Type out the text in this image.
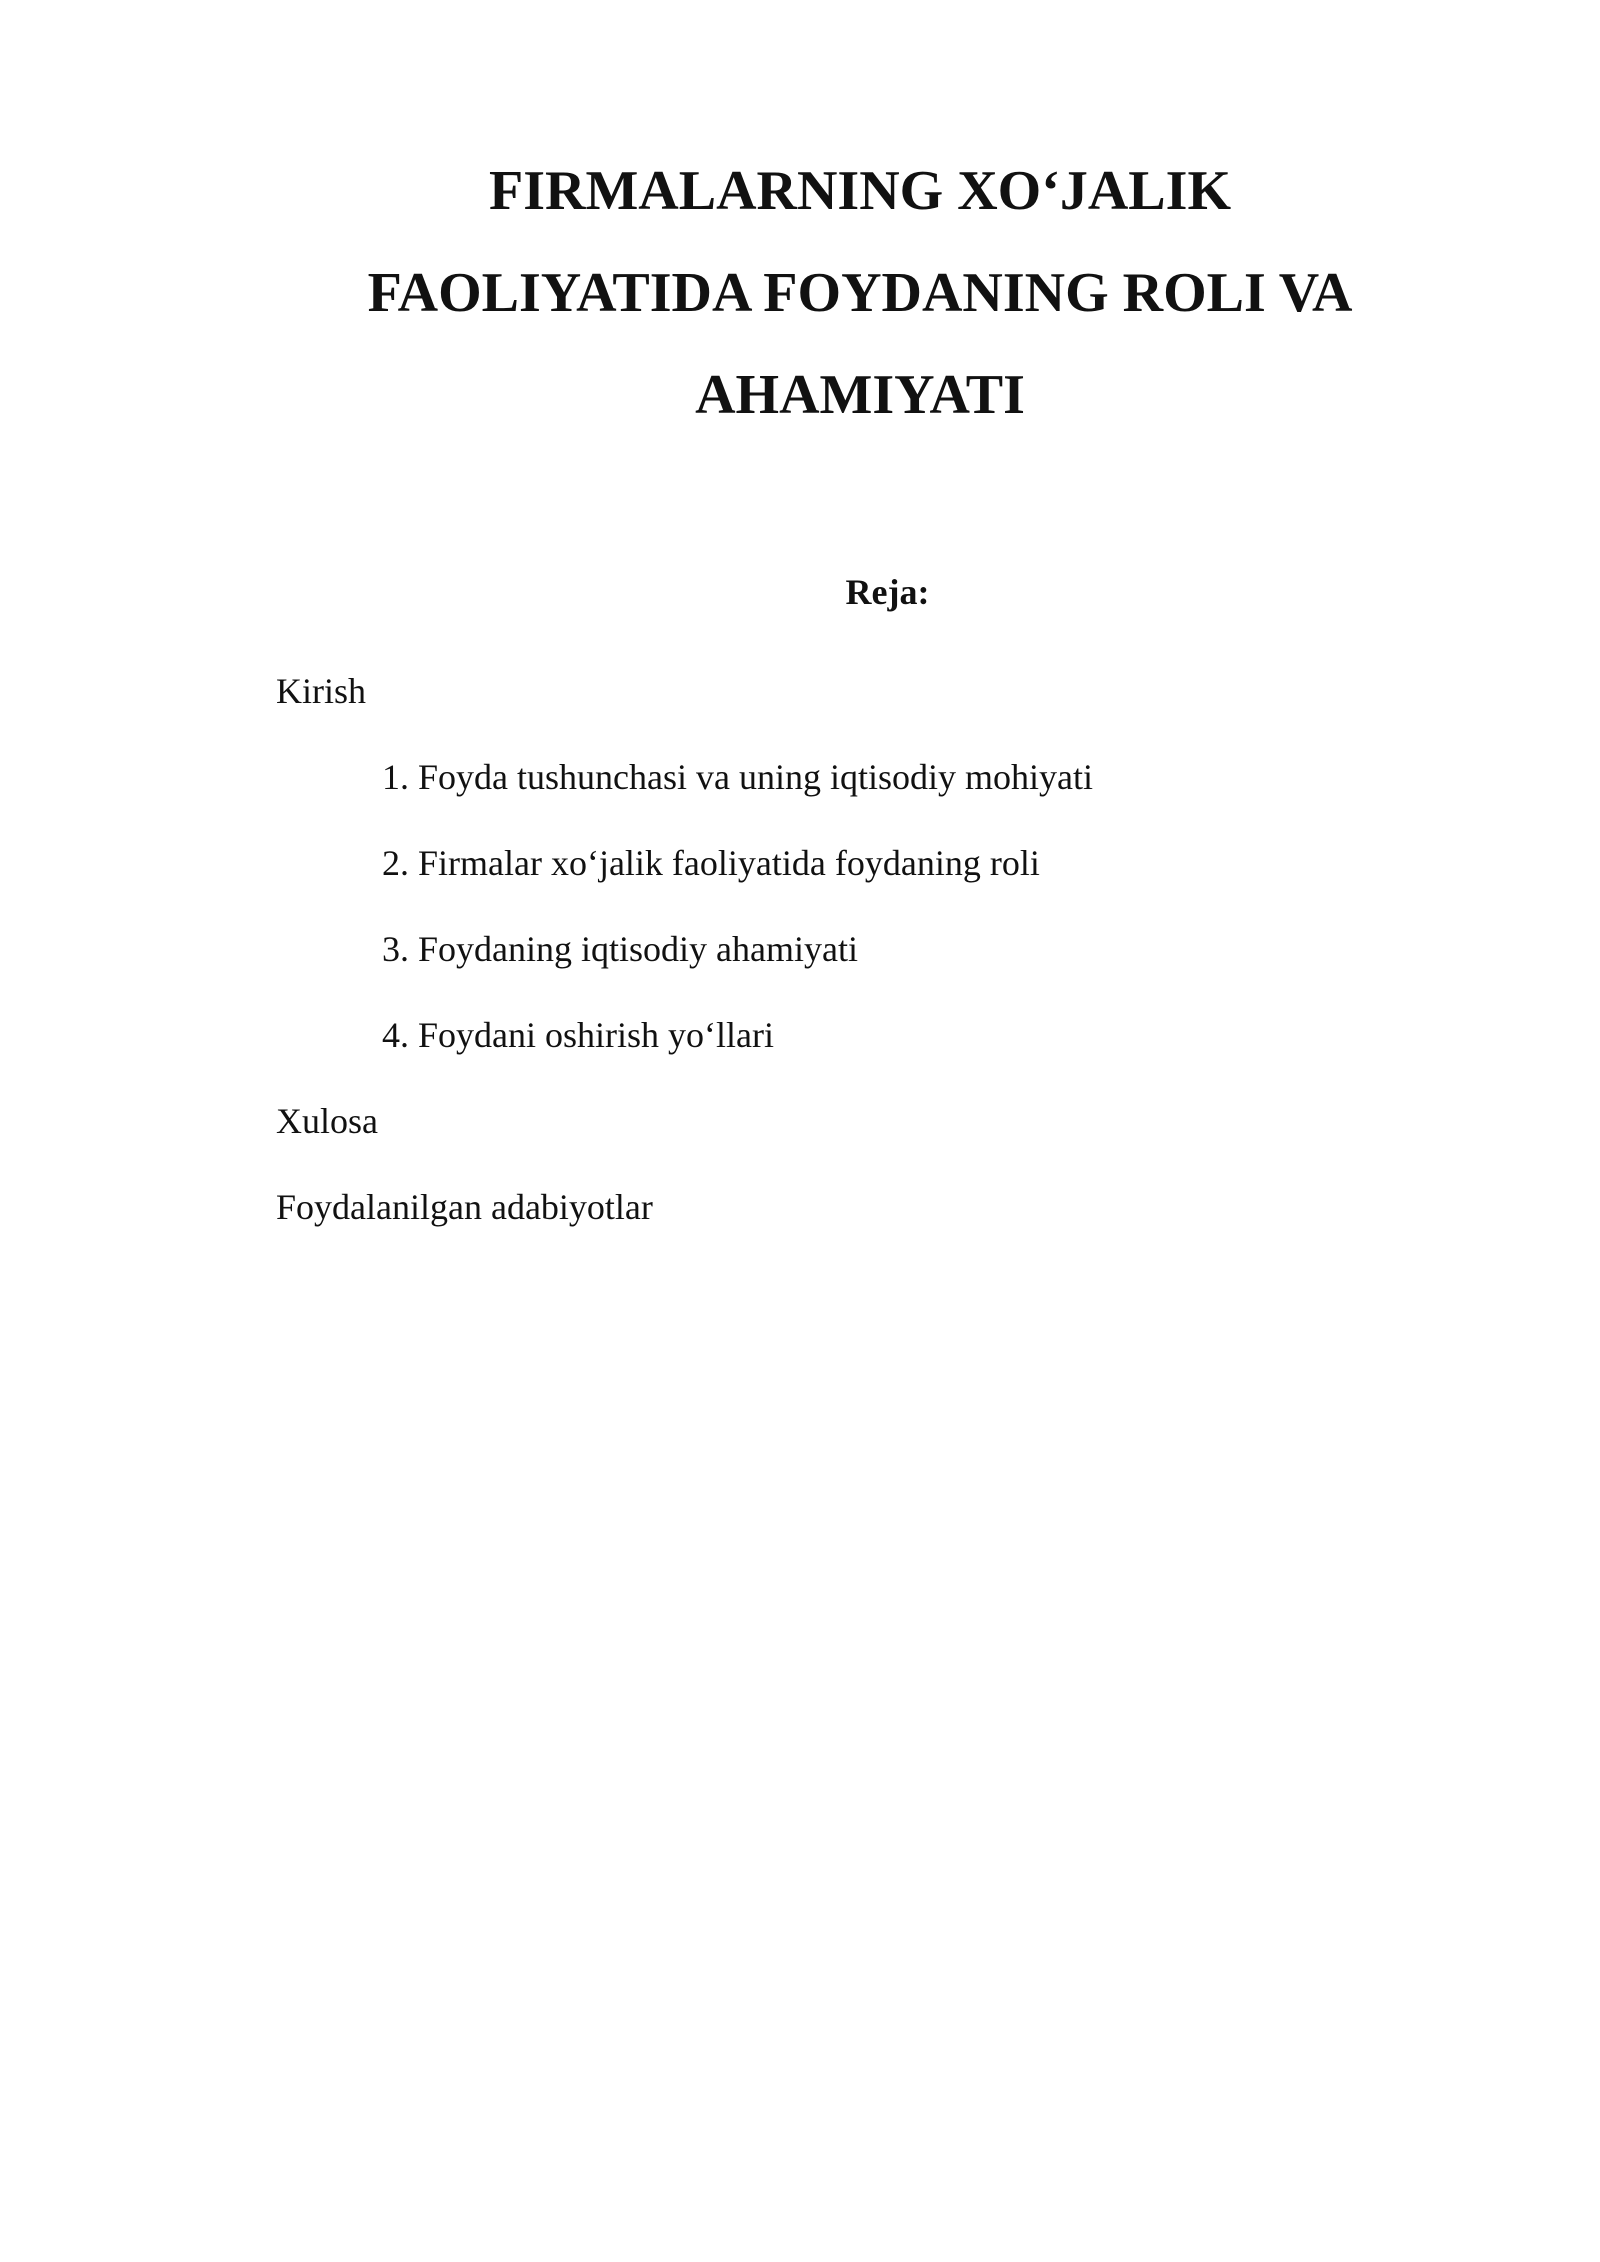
FIRMALARNING XO‘JALIK
FAOLIYATIDA FOYDANING ROLI VA
AHAMIYATI

Reja:

Kirish
1. Foyda tushunchasi va uning iqtisodiy mohiyati
2. Firmalar xo‘jalik faoliyatida foydaning roli
3. Foydaning iqtisodiy ahamiyati
4. Foydani oshirish yo‘llari
Xulosa
Foydalanilgan adabiyotlar
